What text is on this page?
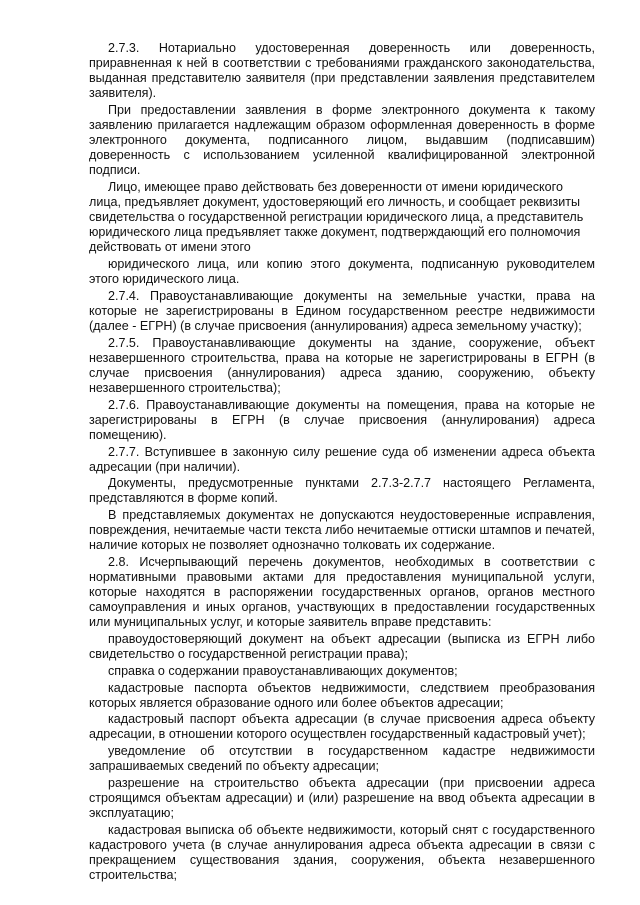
2.7.3. Нотариально удостоверенная доверенность или доверенность, приравненная к ней в соответствии с требованиями гражданского законодательства, выданная представителю заявителя (при представлении заявления представителем заявителя).

При предоставлении заявления в форме электронного документа к такому заявлению прилагается надлежащим образом оформленная доверенность в форме электронного документа, подписанного лицом, выдавшим (подписавшим) доверенность с использованием усиленной квалифицированной электронной подписи.

Лицо, имеющее право действовать без доверенности от имени юридического лица, предъявляет документ, удостоверяющий его личность, и сообщает реквизиты свидетельства о государственной регистрации юридического лица, а представитель юридического лица предъявляет также документ, подтверждающий его полномочия действовать от имени этого

юридического лица, или копию этого документа, подписанную руководителем этого юридического лица.

2.7.4. Правоустанавливающие документы на земельные участки, права на которые не зарегистрированы в Едином государственном реестре недвижимости (далее - ЕГРН) (в случае присвоения (аннулирования) адреса земельному участку);

2.7.5. Правоустанавливающие документы на здание, сооружение, объект незавершенного строительства, права на которые не зарегистрированы в ЕГРН (в случае присвоения (аннулирования) адреса зданию, сооружению, объекту незавершенного строительства);

2.7.6. Правоустанавливающие документы на помещения, права на которые не зарегистрированы в ЕГРН (в случае присвоения (аннулирования) адреса помещению).

2.7.7. Вступившее в законную силу решение суда об изменении адреса объекта адресации (при наличии).

Документы, предусмотренные пунктами 2.7.3-2.7.7 настоящего Регламента, представляются в форме копий.

В представляемых документах не допускаются неудостоверенные исправления, повреждения, нечитаемые части текста либо нечитаемые оттиски штампов и печатей, наличие которых не позволяет однозначно толковать их содержание.

2.8. Исчерпывающий перечень документов, необходимых в соответствии с нормативными правовыми актами для предоставления муниципальной услуги, которые находятся в распоряжении государственных органов, органов местного самоуправления и иных органов, участвующих в предоставлении государственных или муниципальных услуг, и которые заявитель вправе представить:

правоудостоверяющий документ на объект адресации (выписка из ЕГРН либо свидетельство о государственной регистрации права);

справка о содержании правоустанавливающих документов;

кадастровые паспорта объектов недвижимости, следствием преобразования которых является образование одного или более объектов адресации;

кадастровый паспорт объекта адресации (в случае присвоения адреса объекту адресации, в отношении которого осуществлен государственный кадастровый учет);

уведомление об отсутствии в государственном кадастре недвижимости запрашиваемых сведений по объекту адресации;

разрешение на строительство объекта адресации (при присвоении адреса строящимся объектам адресации) и (или) разрешение на ввод объекта адресации в эксплуатацию;

кадастровая выписка об объекте недвижимости, который снят с государственного кадастрового учета (в случае аннулирования адреса объекта адресации в связи с прекращением существования здания, сооружения, объекта незавершенного строительства;
